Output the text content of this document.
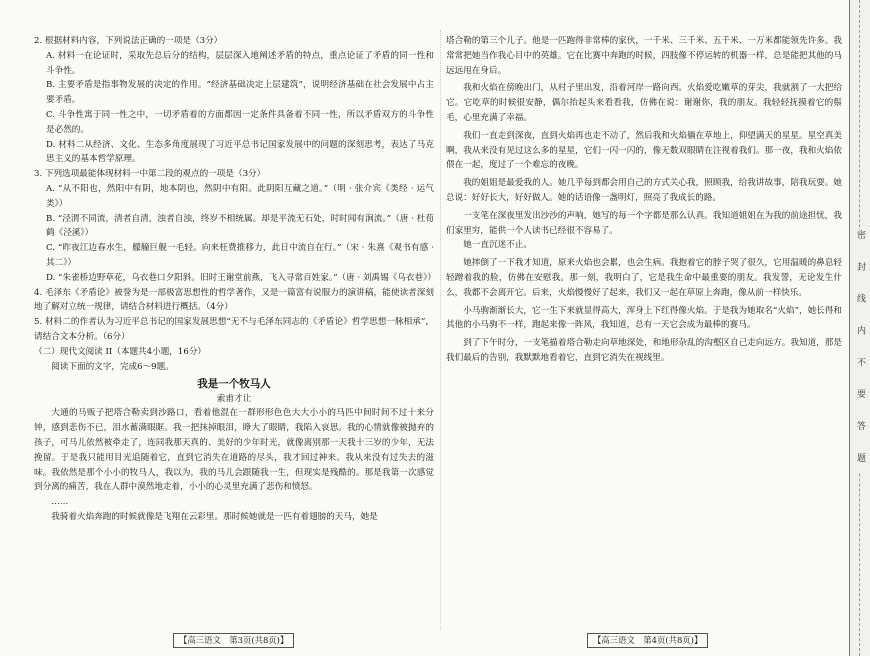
2. 根据材料内容，下列说法正确的一项是（3分）

A. 材料一在论证时，采取先总后分的结构，层层深入地阐述矛盾的特点，重点论证了矛盾的同一性和斗争性。

B. 主要矛盾是指事物发展的决定的作用。“经济基础决定上层建筑”，说明经济基础在社会发展中占主要矛盾。

C. 斗争性寓于同一性之中，一切矛盾着的方面都因一定条件具备着不同一性，所以矛盾双方的斗争性是必然的。

D. 材料二从经济、文化、生态多角度展现了习近平总书记国家发展中的问题的深刻思考，表达了马克思主义的基本哲学原理。

3. 下列选项最能体现材料一中第二段的观点的一项是（3分）

A. “从不阳也，然阳中有阴，地本阴也，然阴中有阳。此阴阳互藏之道。”（明 · 张介宾《类经 · 运气类》）

B. “泾渭不同流，清者自清，浊者自浊，终岁不相统属。却是平流无石处，时时闻有涧流。”（唐 · 杜荀鹤《泾溪》）

C. “昨夜江边春水生，艨艟巨舰一毛轻。向来枉费推移力，此日中流自在行。”（宋 · 朱熹《观书有感 · 其二》）

D. “朱雀桥边野草花，乌衣巷口夕阳斜。旧时王谢堂前燕，飞入寻常百姓家。”（唐 · 刘禹锡《乌衣巷》）

4. 毛泽东《矛盾论》被誉为是一部极富思想性的哲学著作，又是一篇富有说服力的演讲稿，能使读者深刻地了解对立统一规律，请结合材料进行概括。（4分）

5. 材料二的作者认为习近平总书记的国家发展思想“无不与毛泽东同志的《矛盾论》哲学思想一脉相承”，请结合文本分析。（6分）

（二）现代文阅读 II（本题共4小题，16分）

阅读下面的文字，完成6～9题。

我是一个牧马人

索甫才让

大通的马贩子把塔合勒卖到沙路口，看着他混在一群形形色色大大小小的马匹中间时间不过十来分钟，感到悲伤不已，泪水蓄满眼眶。我一把抹掉眼泪，睁大了眼睛，我陷入哀思。我的心情就像被抛弃的孩子，可马儿依然被牵走了，连同我那天真的、美好的少年时光，就像离别那一天我十三岁的少年，无法挽留。于是我只能用目光追随着它，直到它消失在道路的尽头，我才回过神来。我从来没有过失去的滋味。我依然是那个小小的牧马人，我以为，我的马儿会跟随我一生，但现实是残酷的。那是我第一次感觉到分离的痛苦，我在人群中漠然地走着，小小的心灵里充满了悲伤和愤怒。

……

我骑着火焰奔跑的时候就像是飞翔在云彩里。那时候她就是一匹有着翅膀的天马，她是

塔合勒的第三个儿子。他是一匹跑得非常棒的家伙，一千米、三千米、五千米、一万米都能领先许多。我常常把她当作我心目中的英雄。它在比赛中奔跑的时候，四肢像不停运转的机器一样，总是能把其他的马远远甩在身后。

我和火焰在傍晚出门，从村子里出发，沿着河岸一路向西。火焰爱吃嫩草的芽尖，我就割了一大把给它。它吃草的时候很安静，偶尔抬起头来看看我，仿佛在说：谢谢你，我的朋友。我轻轻抚摸着它的鬃毛，心里充满了幸福。

我们一直走到深夜，直到火焰再也走不动了，然后我和火焰躺在草地上，仰望满天的星星。星空真美啊，我从来没有见过这么多的星星，它们一闪一闪的，像无数双眼睛在注视着我们。那一夜，我和火焰依偎在一起，度过了一个难忘的夜晚。

我的姐姐是最爱我的人。她几乎每到都会用自己的方式关心我，照顾我，给我讲故事，陪我玩耍。她总说：好好长大，好好做人。她的话语像一盏明灯，照亮了我成长的路。

一支笔在深夜里发出沙沙的声响，她写的每一个字都是那么认真。我知道姐姐在为我的前途担忧，我们家里穷，能供一个人读书已经很不容易了。

她一直沉迷不止。

她摔倒了一下我才知道，原来火焰也会累，也会生病。我抱着它的脖子哭了很久，它用温暖的鼻息轻轻蹭着我的脸，仿佛在安慰我。那一刻，我明白了，它是我生命中最重要的朋友。我发誓，无论发生什么，我都不会离开它。后来，火焰慢慢好了起来，我们又一起在草原上奔跑，像从前一样快乐。

小马驹渐渐长大，它一生下来就显得高大，浑身上下红得像火焰。于是我为她取名“火焰”，她长得和其他的小马驹不一样，跑起来像一阵风，我知道，总有一天它会成为最棒的赛马。

到了下午时分，一支笔描着塔合勒走向草地深处，和地形杂乱的沟壑区自己走向远方。我知道，那是我们最后的告别，我默默地看着它，直到它消失在视线里。

【高三语文　第3页(共8页)】	【高三语文　第4页(共8页)】
密 封 线 内 不 要 答 题
